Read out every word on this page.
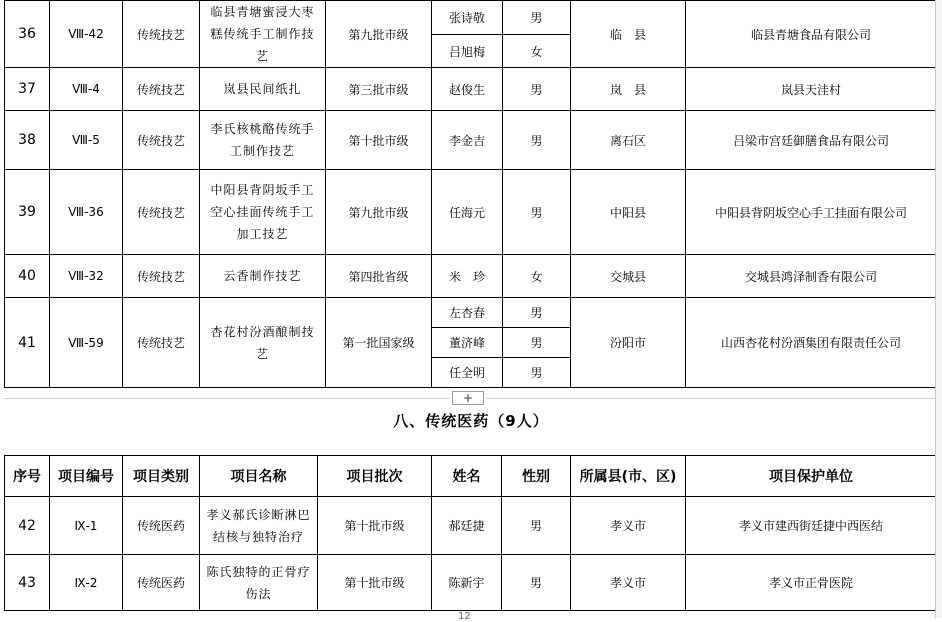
36	Ⅷ-42	传统技艺	临县青塘蜜浸大枣糕传统手工制作技艺	第九批市级	张诗敬	男	临　县	临县青塘食品有限公司
					吕旭梅	女		
37	Ⅷ-4	传统技艺	岚县民间纸扎	第三批市级	赵俊生	男	岚　县	岚县天洼村
38	Ⅷ-5	传统技艺	李氏核桃酪传统手工制作技艺	第十批市级	李金吉	男	离石区	吕梁市宫廷御膳食品有限公司
39	Ⅷ-36	传统技艺	中阳县背阴坂手工空心挂面传统手工加工技艺	第九批市级	任海元	男	中阳县	中阳县背阴坂空心手工挂面有限公司
40	Ⅷ-32	传统技艺	云香制作技艺	第四批省级	米　珍	女	交城县	交城县鸿泽制香有限公司
41	Ⅷ-59	传统技艺	杏花村汾酒酿制技艺	第一批国家级	左杏春	男	汾阳市	山西杏花村汾酒集团有限责任公司
					董济峰	男		
					任全明	男		
+
八、传统医药（9人）
序号	项目编号	项目类别	项目名称	项目批次	姓名	性别	所属县(市、区)	项目保护单位
42	Ⅸ-1	传统医药	孝义郝氏诊断淋巴结核与独特治疗	第十批市级	郝廷捷	男	孝义市	孝义市建西街廷捷中西医结
43	Ⅸ-2	传统医药	陈氏独特的正骨疗伤法	第十批市级	陈新宇	男	孝义市	孝义市正骨医院
12
